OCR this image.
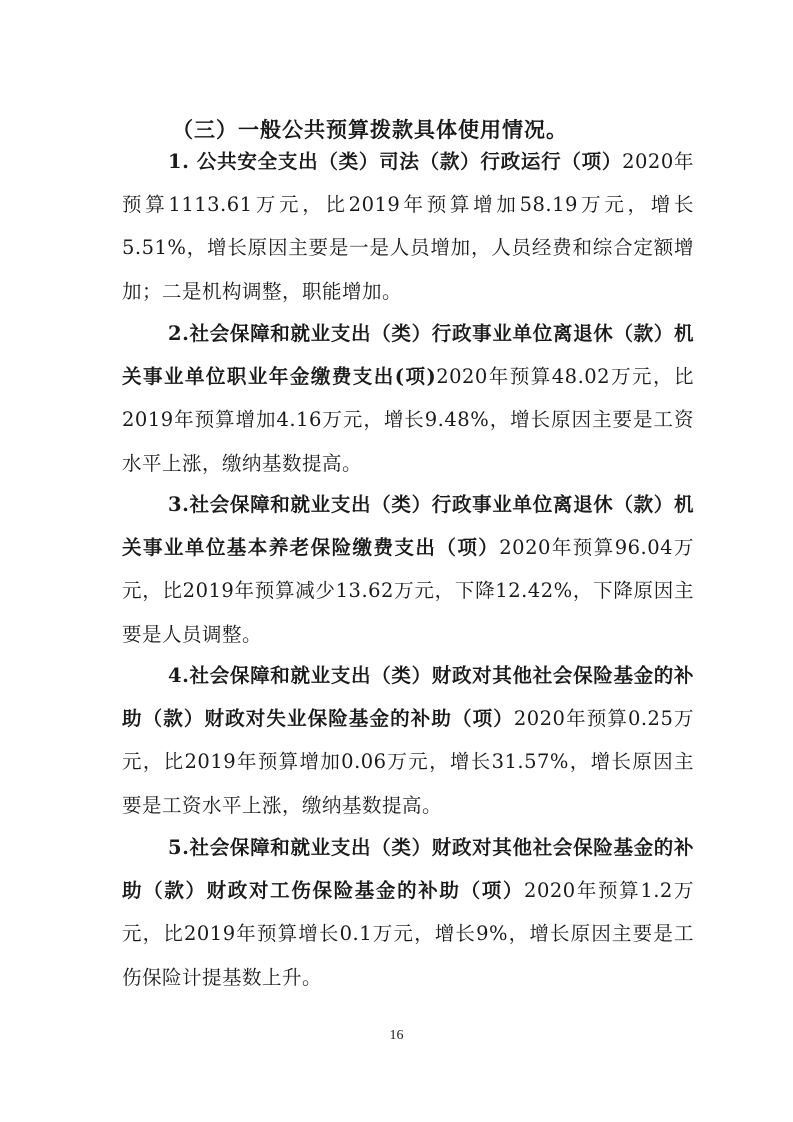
（三）一般公共预算拨款具体使用情况。

1. 公共安全支出（类）司法（款）行政运行（项）2020年预算1113.61万元，比2019年预算增加58.19万元，增长5.51%，增长原因主要是一是人员增加，人员经费和综合定额增加；二是机构调整，职能增加。

2.社会保障和就业支出（类）行政事业单位离退休（款）机关事业单位职业年金缴费支出(项)2020年预算48.02万元，比2019年预算增加4.16万元，增长9.48%，增长原因主要是工资水平上涨，缴纳基数提高。

3.社会保障和就业支出（类）行政事业单位离退休（款）机关事业单位基本养老保险缴费支出（项）2020年预算96.04万元，比2019年预算减少13.62万元，下降12.42%，下降原因主要是人员调整。

4.社会保障和就业支出（类）财政对其他社会保险基金的补助（款）财政对失业保险基金的补助（项）2020年预算0.25万元，比2019年预算增加0.06万元，增长31.57%，增长原因主要是工资水平上涨，缴纳基数提高。

5.社会保障和就业支出（类）财政对其他社会保险基金的补助（款）财政对工伤保险基金的补助（项）2020年预算1.2万元，比2019年预算增长0.1万元，增长9%，增长原因主要是工伤保险计提基数上升。

16
